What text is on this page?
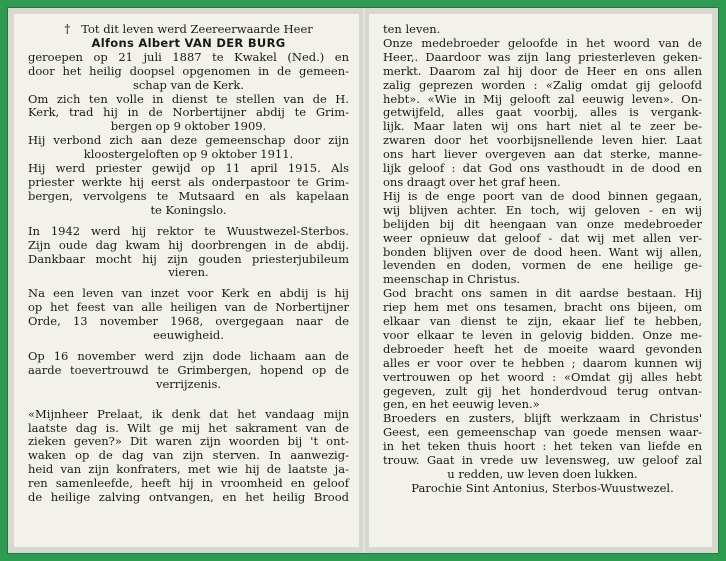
† Tot dit leven werd Zeereerwaarde Heer

Alfons Albert VAN DER BURG

geroepen op 21 juli 1887 te Kwakel (Ned.) en

door het heilig doopsel opgenomen in de gemeen-

schap van de Kerk.

Om zich ten volle in dienst te stellen van de H.

Kerk, trad hij in de Norbertijner abdij te Grim-

bergen op 9 oktober 1909.

Hij verbond zich aan deze gemeenschap door zijn

kloostergeloften op 9 oktober 1911.

Hij werd priester gewijd op 11 april 1915. Als

priester werkte hij eerst als onderpastoor te Grim-

bergen, vervolgens te Mutsaard en als kapelaan

te Koningslo.

In 1942 werd hij rektor te Wuustwezel-Sterbos.

Zijn oude dag kwam hij doorbrengen in de abdij.

Dankbaar mocht hij zijn gouden priesterjubileum

vieren.

Na een leven van inzet voor Kerk en abdij is hij

op het feest van alle heiligen van de Norbertijner

Orde, 13 november 1968, overgegaan naar de

eeuwigheid.

Op 16 november werd zijn dode lichaam aan de

aarde toevertrouwd te Grimbergen, hopend op de

verrijzenis.

«Mijnheer Prelaat, ik denk dat het vandaag mijn

laatste dag is. Wilt ge mij het sakrament van de

zieken geven?» Dit waren zijn woorden bij 't ont-

waken op de dag van zijn sterven. In aanwezig-

heid van zijn konfraters, met wie hij de laatste ja-

ren samenleefde, heeft hij in vroomheid en geloof

de heilige zalving ontvangen, en het heilig Brood

ten leven.

Onze medebroeder geloofde in het woord van de

Heer,. Daardoor was zijn lang priesterleven geken-

merkt. Daarom zal hij door de Heer en ons allen

zalig geprezen worden : «Zalig omdat gij geloofd

hebt». «Wie in Mij gelooft zal eeuwig leven». On-

getwijfeld, alles gaat voorbij, alles is vergank-

lijk. Maar laten wij ons hart niet al te zeer be-

zwaren door het voorbijsnellende leven hier. Laat

ons hart liever overgeven aan dat sterke, manne-

lijk geloof : dat God ons vasthoudt in de dood en

ons draagt over het graf heen.

Hij is de enge poort van de dood binnen gegaan,

wij blijven achter. En toch, wij geloven - en wij

belijden bij dit heengaan van onze medebroeder

weer opnieuw dat geloof - dat wij met allen ver-

bonden blijven over de dood heen. Want wij allen,

levenden en doden, vormen de ene heilige ge-

meenschap in Christus.

God bracht ons samen in dit aardse bestaan. Hij

riep hem met ons tesamen, bracht ons bijeen, om

elkaar van dienst te zijn, ekaar lief te hebben,

voor elkaar te leven in gelovig bidden. Onze me-

debroeder heeft het de moeite waard gevonden

alles er voor over te hebben ; daarom kunnen wij

vertrouwen op het woord : «Omdat gij alles hebt

gegeven, zult gij het honderdvoud terug ontvan-

gen, en het eeuwig leven.»

Broeders en zusters, blijft werkzaam in Christus'

Geest, een gemeenschap van goede mensen waar-

in het teken thuis hoort : het teken van liefde en

trouw. Gaat in vrede uw levensweg, uw geloof zal

u redden, uw leven doen lukken.

Parochie Sint Antonius, Sterbos-Wuustwezel.
